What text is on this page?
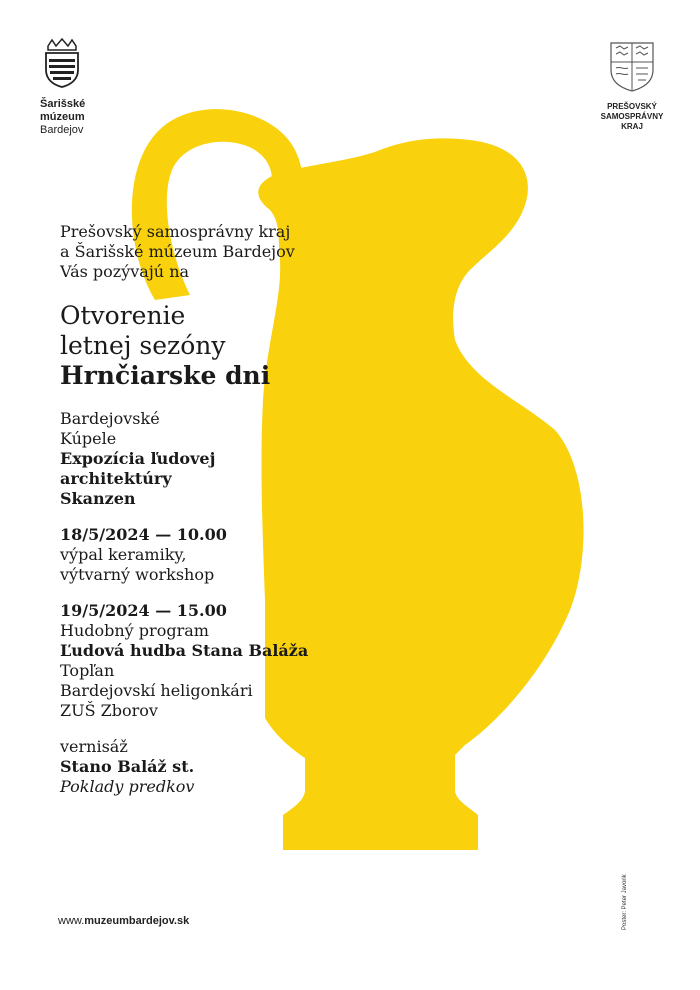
Šarišské
múzeum
Bardejov
PREŠOVSKÝ
SAMOSPRÁVNY
KRAJ
Prešovský samosprávny kraj
a Šarišské múzeum Bardejov
Vás pozývajú na
Otvorenie
letnej sezóny
Hrnčiarske dni
Bardejovské
Kúpele
Expozícia ľudovej
architektúry
Skanzen
18/5/2024 — 10.00
výpal keramiky,
výtvarný workshop
19/5/2024 — 15.00
Hudobný program
Ľudová hudba Stana Baláža
Topľan
Bardejovskí heligonkári
ZUŠ Zborov
vernisáž
Stano Baláž st.
Poklady predkov
www.muzeumbardejov.sk	Poster: Peter Javorik
